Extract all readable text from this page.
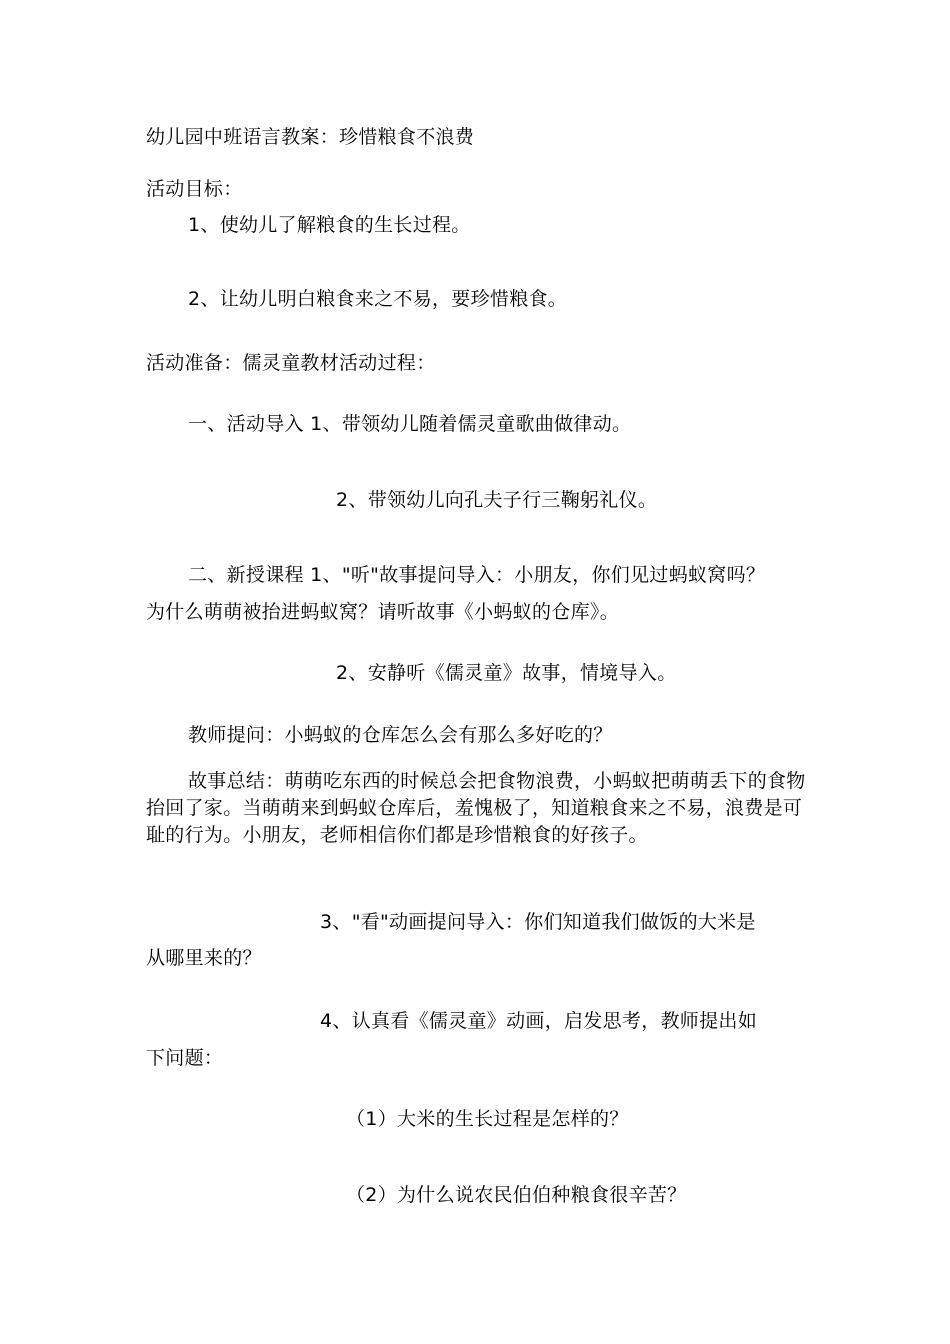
幼儿园中班语言教案：珍惜粮食不浪费
活动目标：
1、使幼儿了解粮食的生长过程。
2、让幼儿明白粮食来之不易，要珍惜粮食。
活动准备：儒灵童教材活动过程：
一、活动导入 1、带领幼儿随着儒灵童歌曲做律动。
2、带领幼儿向孔夫子行三鞠躬礼仪。
二、新授课程 1、"听"故事提问导入：小朋友，你们见过蚂蚁窝吗？
为什么萌萌被抬进蚂蚁窝？请听故事《小蚂蚁的仓库》。
2、安静听《儒灵童》故事，情境导入。
教师提问：小蚂蚁的仓库怎么会有那么多好吃的？
故事总结：萌萌吃东西的时候总会把食物浪费，小蚂蚁把萌萌丢下的食物抬回了家。当萌萌来到蚂蚁仓库后，羞愧极了，知道粮食来之不易，浪费是可耻的行为。小朋友，老师相信你们都是珍惜粮食的好孩子。
3、"看"动画提问导入：你们知道我们做饭的大米是
从哪里来的？
4、认真看《儒灵童》动画，启发思考，教师提出如
下问题：
（1）大米的生长过程是怎样的？
（2）为什么说农民伯伯种粮食很辛苦？
